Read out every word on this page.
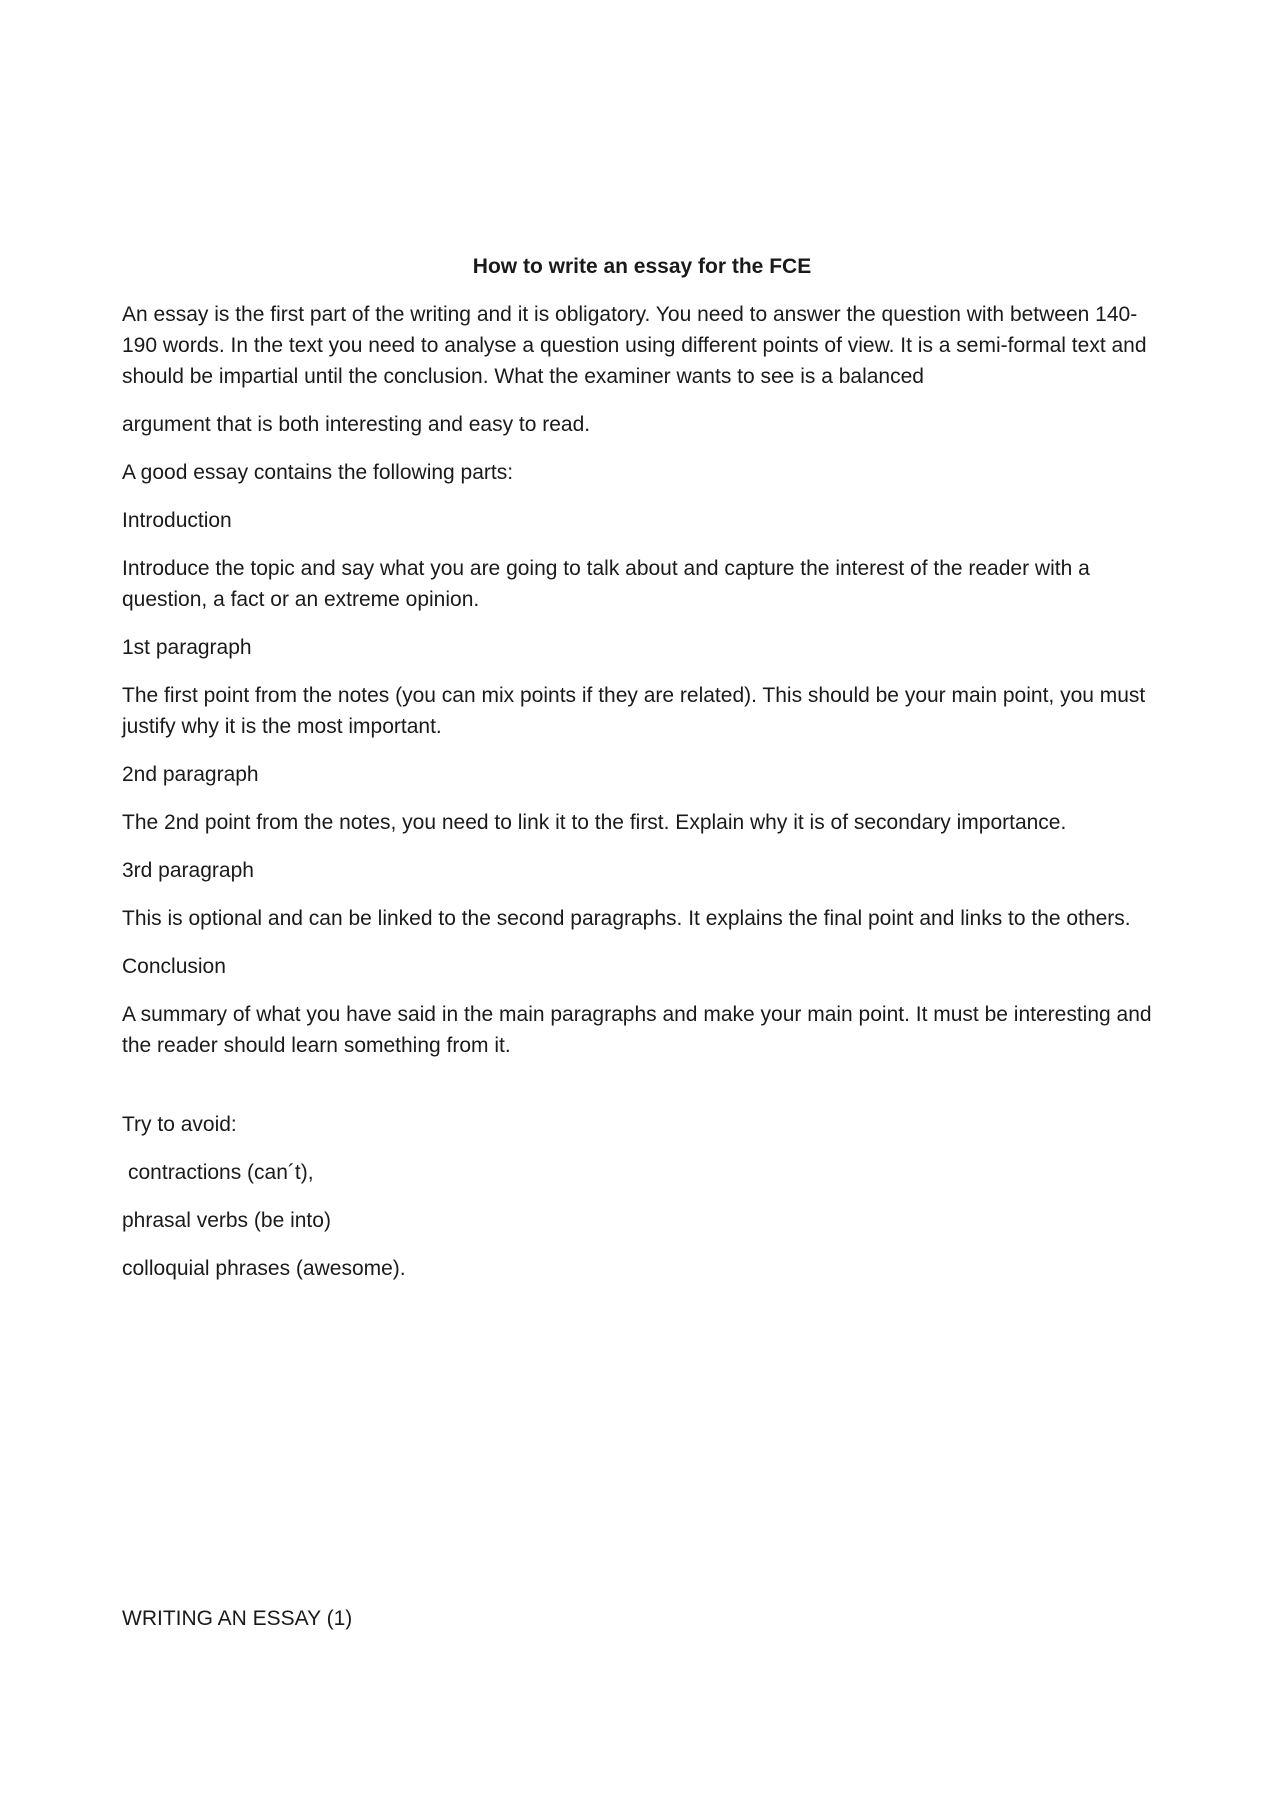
How to write an essay for the FCE

An essay is the first part of the writing and it is obligatory. You need to answer the question with between 140-190 words. In the text you need to analyse a question using different points of view. It is a semi-formal text and should be impartial until the conclusion. What the examiner wants to see is a balanced

argument that is both interesting and easy to read.

A good essay contains the following parts:

Introduction

Introduce the topic and say what you are going to talk about and capture the interest of the reader with a question, a fact or an extreme opinion.

1st paragraph

The first point from the notes (you can mix points if they are related). This should be your main point, you must justify why it is the most important.

2nd paragraph

The 2nd point from the notes, you need to link it to the first. Explain why it is of secondary importance.

3rd paragraph

This is optional and can be linked to the second paragraphs. It explains the final point and links to the others.

Conclusion

A summary of what you have said in the main paragraphs and make your main point. It must be interesting and the reader should learn something from it.

Try to avoid:

contractions (can´t),

phrasal verbs (be into)

colloquial phrases (awesome).

WRITING AN ESSAY (1)
